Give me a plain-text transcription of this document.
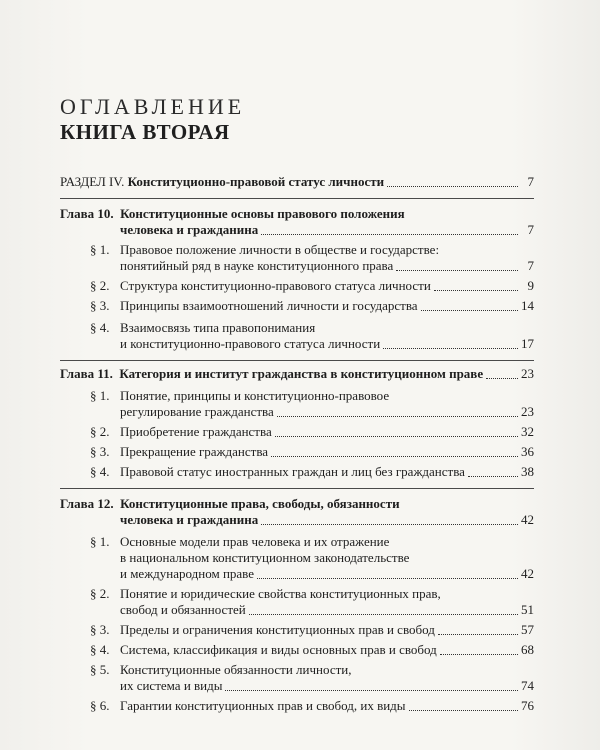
ОГЛАВЛЕНИЕ
КНИГА ВТОРАЯ
РАЗДЕЛ IV. Конституционно-правовой статус личности	7
Глава 10. Конституционные основы правового положения
человека и гражданина	7
§ 1. Правовое положение личности в обществе и государстве:
понятийный ряд в науке конституционного права	7
§ 2. Структура конституционно-правового статуса личности	9
§ 3. Принципы взаимоотношений личности и государства	14
§ 4. Взаимосвязь типа правопонимания
и конституционно-правового статуса личности	17
Глава 11. Категория и институт гражданства в конституционном праве	23
§ 1. Понятие, принципы и конституционно-правовое
регулирование гражданства	23
§ 2. Приобретение гражданства	32
§ 3. Прекращение гражданства	36
§ 4. Правовой статус иностранных граждан и лиц без гражданства	38
Глава 12. Конституционные права, свободы, обязанности
человека и гражданина	42
§ 1. Основные модели прав человека и их отражение
в национальном конституционном законодательстве
и международном праве	42
§ 2. Понятие и юридические свойства конституционных прав,
свобод и обязанностей	51
§ 3. Пределы и ограничения конституционных прав и свобод	57
§ 4. Система, классификация и виды основных прав и свобод	68
§ 5. Конституционные обязанности личности,
их система и виды	74
§ 6. Гарантии конституционных прав и свобод, их виды	76
